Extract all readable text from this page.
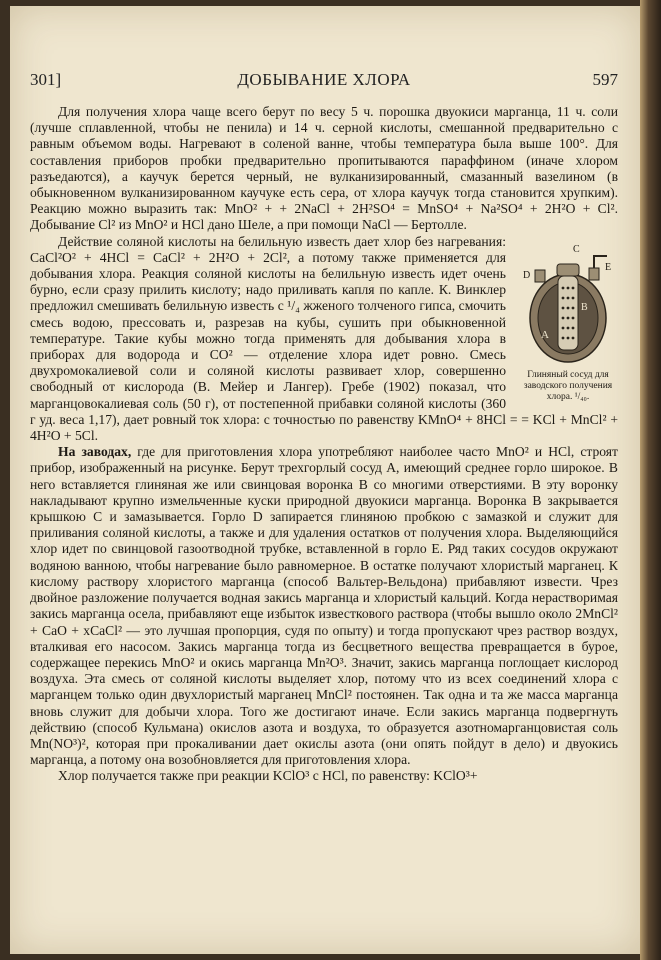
301]	ДОБЫВАНИЕ ХЛОРА	597

Для получения хлора чаще всего берут по весу 5 ч. порошка двуокиси марганца, 11 ч. соли (лучше сплавленной, чтобы не пенила) и 14 ч. серной кислоты, смешанной предварительно с равным объемом воды. Нагревают в соленой ванне, чтобы температура была выше 100°. Для составления приборов пробки предварительно пропитываются параффином (иначе хлором разъедаются), а каучук берется черный, не вулканизированный, смазанный вазелином (в обыкновенном вулканизированном каучуке есть сера, от хлора каучук тогда становится хрупким). Реакцию можно выразить так: MnO² + + 2NaCl + 2H²SO⁴ = MnSO⁴ + Na²SO⁴ + 2H²O + Cl². Добывание Cl² из MnO² и HCl дано Шеле, а при помощи NaCl — Бертолле.

C
D
E
A
B
Глиняный сосуд для заводского получения хлора. ¹/₄₀.

Действие соляной кислоты на белильную известь дает хлор без нагревания: CaCl²O² + 4HCl = CaCl² + 2H²O + 2Cl², а потому также применяется для добывания хлора. Реакция соляной кислоты на белильную известь идет очень бурно, если сразу прилить кислоту; надо приливать капля по капле. К. Винклер предложил смешивать белильную известь с ¹/₄ жженого толченого гипса, смочить смесь водою, прессовать и, разрезав на кубы, сушить при обыкновенной температуре. Такие кубы можно тогда применять для добывания хлора в приборах для водорода и CO² — отделение хлора идет ровно. Смесь двухромокалиевой соли и соляной кислоты развивает хлор, совершенно свободный от кислорода (В. Мейер и Лангер). Гребе (1902) показал, что марганцовокалиевая соль (50 г), от постепенной прибавки соляной кислоты (360 г уд. веса 1,17), дает ровный ток хлора: с точностью по равенству KMnO⁴ + 8HCl = = KCl + MnCl² + 4H²O + 5Cl.

На заводах, где для приготовления хлора употребляют наиболее часто MnO² и HCl, строят прибор, изображенный на рисунке. Берут трехгорлый сосуд A, имеющий среднее горло широкое. В него вставляется глиняная же или свинцовая воронка B со многими отверстиями. В эту воронку накладывают крупно измельченные куски природной двуокиси марганца. Воронка B закрывается крышкою C и замазывается. Горло D запирается глиняною пробкою с замазкой и служит для приливания соляной кислоты, а также и для удаления остатков от получения хлора. Выделяющийся хлор идет по свинцовой газоотводной трубке, вставленной в горло E. Ряд таких сосудов окружают водяною ванною, чтобы нагревание было равномерное. В остатке получают хлористый марганец. К кислому раствору хлористого марганца (способ Вальтер-Вельдона) прибавляют извести. Чрез двойное разложение получается водная закись марганца и хлористый кальций. Когда нерастворимая закись марганца осела, прибавляют еще избыток известкового раствора (чтобы вышло около 2MnCl² + CaO + xCaCl² — это лучшая пропорция, судя по опыту) и тогда пропускают чрез раствор воздух, вталкивая его насосом. Закись марганца тогда из бесцветного вещества превращается в бурое, содержащее перекись MnO² и окись марганца Mn²O³. Значит, закись марганца поглощает кислород воздуха. Эта смесь от соляной кислоты выделяет хлор, потому что из всех соединений хлора с марганцем только один двухлористый марганец MnCl² постоянен. Так одна и та же масса марганца вновь служит для добычи хлора. Того же достигают иначе. Если закись марганца подвергнуть действию (способ Кульмана) окислов азота и воздуха, то образуется азотномарганцовистая соль Mn(NO³)², которая при прокаливании дает окислы азота (они опять пойдут в дело) и двуокись марганца, а потому она возобновляется для приготовления хлора.

Хлор получается также при реакции KClO³ с HCl, по равенству: KClO³+
